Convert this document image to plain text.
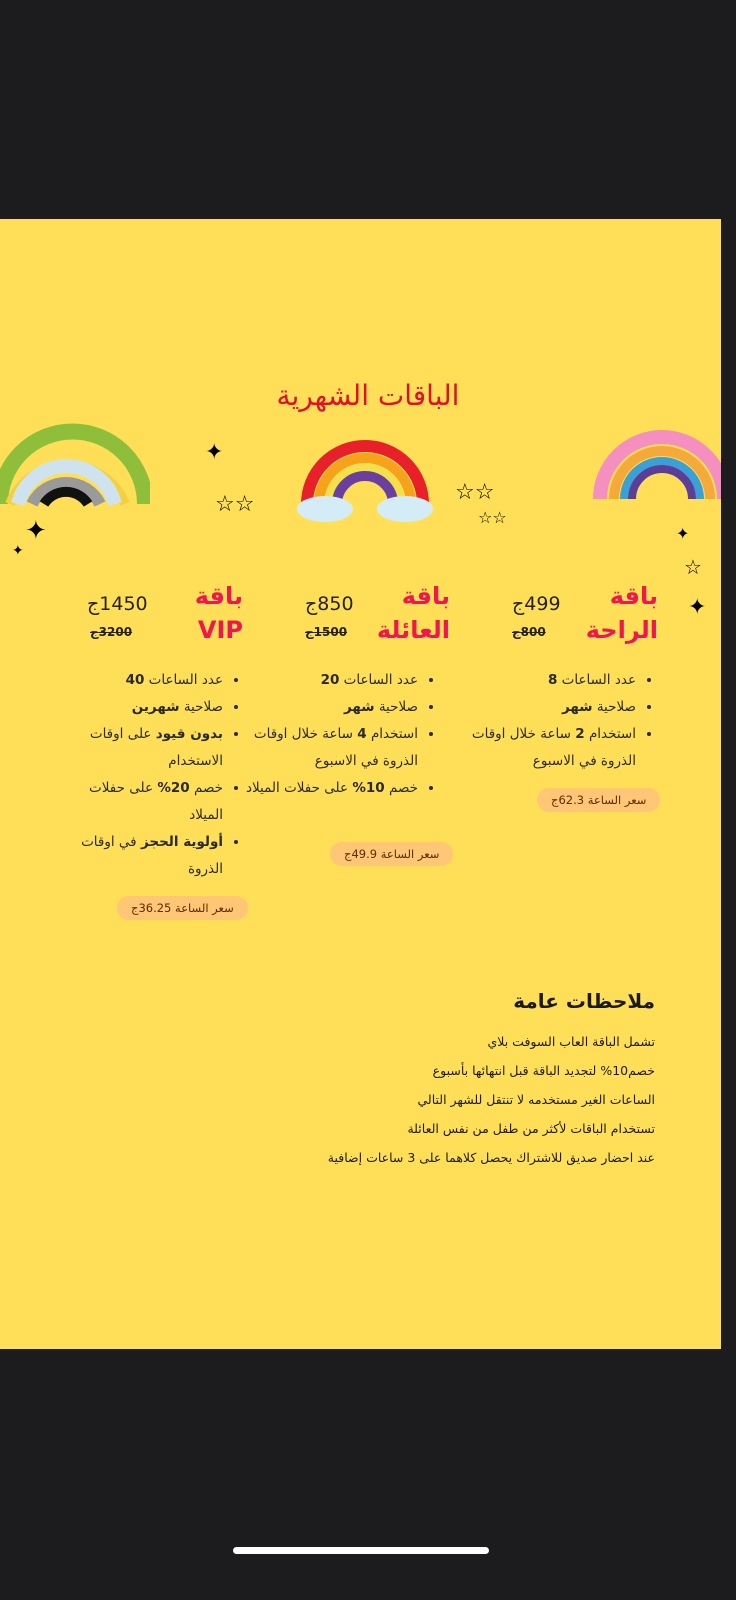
الباقات الشهرية
✦
☆☆	☆☆
☆☆
✦
✦
✦
☆
✦
باقة
الراحة
499ج
800ج
• عدد الساعات 8
• صلاحية شهر
• استخدام 2 ساعة خلال اوقات الذروة في الاسبوع
سعر الساعة 62.3ج
باقة
العائلة
850ج
1500ج
• عدد الساعات 20
• صلاحية شهر
• استخدام 4 ساعة خلال اوقات الذروة في الاسبوع
• خصم 10% على حفلات الميلاد
سعر الساعة 49.9ج
باقة
VIP
1450ج
3200ج
• عدد الساعات 40
• صلاحية شهرين
• بدون قيود على اوقات الاستخدام
• خصم 20% على حفلات الميلاد
• أولوية الحجز في اوقات الذروة
سعر الساعة 36.25ج
ملاحظات عامة

تشمل الباقة العاب السوفت بلاي

خصم10% لتجديد الباقة قبل انتهائها بأسبوع

الساعات الغير مستخدمه لا تنتقل للشهر التالي

تستخدام الباقات لأكثر من طفل من نفس العائلة

عند احضار صديق للاشتراك يحصل كلاهما على 3 ساعات إضافية
